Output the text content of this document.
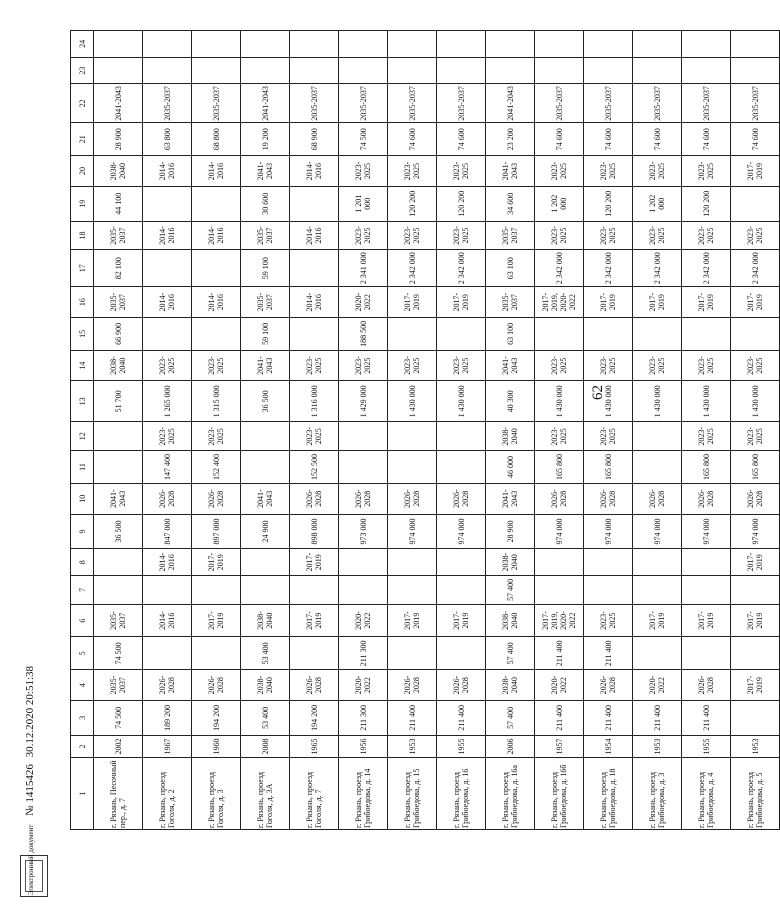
62
1	2	3	4	5	6	7	8	9	10	11	12	13	14	15	16	17	18	19	20	21	22	23	24
г. Рязань, Песочный пер., д. 7	2002	74 500	2035-2037	74 500	2035-2037			36 500	2041-2043			51 700	2038-2040	66 900	2035-2037	82 100	2035-2037	44 100	2038-2040	28 900	2041-2043		
г. Рязань, проезд Гоголя, д. 2	1967	189 200	2026-2028		2014-2016		2014-2016	847 000	2026-2028	147 400	2023-2025	1 265 000	2023-2025		2014-2016		2014-2016		2014-2016	63 800	2035-2037		
г. Рязань, проезд Гоголя, д. 3	1960	194 200	2026-2028		2017-2019		2017-2019	897 000	2026-2028	152 400	2023-2025	1 315 000	2023-2025		2014-2016		2014-2016		2014-2016	68 800	2035-2037		
г. Рязань, проезд Гоголя, д. 3А	2008	53 400	2038-2040	53 400	2038-2040			24 900	2041-2043			36 500	2041-2043	59 100	2035-2037	59 100	2035-2037	30 600	2041-2043	19 200	2041-2043		
г. Рязань, проезд Гоголя, д. 7	1965	194 200	2026-2028		2017-2019		2017-2019	898 000	2026-2028	152 500	2023-2025	1 316 000	2023-2025		2014-2016		2014-2016		2014-2016	68 900	2035-2037		
г. Рязань, проезд Грибоедова, д. 14	1956	211 300	2020-2022	211 300	2020-2022			973 000	2026-2028			1 429 000	2023-2025	188 500	2020-2022	2 341 000	2023-2025	1 201 000	2023-2025	74 500	2035-2037		
г. Рязань, проезд Грибоедова, д. 15	1953	211 400	2026-2028		2017-2019			974 000	2026-2028			1 430 000	2023-2025		2017-2019	2 342 000	2023-2025	120 200	2023-2025	74 600	2035-2037		
г. Рязань, проезд Грибоедова, д. 16	1955	211 400	2026-2028		2017-2019			974 000	2026-2028			1 430 000	2023-2025		2017-2019	2 342 000	2023-2025	120 200	2023-2025	74 600	2035-2037		
г. Рязань, проезд Грибоедова, д. 16а	2006	57 400	2038-2040	57 400	2038-2040	57 400	2038-2040	28 900	2041-2043	46 000	2038-2040	40 300	2041-2043	63 100	2035-2037	63 100	2035-2037	34 600	2041-2043	23 200	2041-2043		
г. Рязань, проезд Грибоедова, д. 16б	1957	211 400	2020-2022	211 400	2017-2019, 2020-2022			974 000	2026-2028	165 800	2023-2025	1 430 000	2023-2025		2017-2019, 2020-2022	2 342 000	2023-2025	1 202 000	2023-2025	74 600	2035-2037		
г. Рязань, проезд Грибоедова, д. 18	1954	211 400	2026-2028	211 400	2023-2025			974 000	2026-2028	165 800	2023-2025	1 430 000	2023-2025		2017-2019	2 342 000	2023-2025	120 200	2023-2025	74 600	2035-2037		
г. Рязань, проезд Грибоедова, д. 3	1953	211 400	2020-2022		2017-2019			974 000	2026-2028			1 430 000	2023-2025		2017-2019	2 342 000	2023-2025	1 202 000	2023-2025	74 600	2035-2037		
г. Рязань, проезд Грибоедова, д. 4	1955	211 400	2026-2028		2017-2019			974 000	2026-2028	165 800	2023-2025	1 430 000	2023-2025		2017-2019	2 342 000	2023-2025	120 200	2023-2025	74 600	2035-2037		
г. Рязань, проезд Грибоедова, д. 5	1953		2017-2019		2017-2019		2017-2019	974 000	2026-2028	165 800	2023-2025	1 430 000	2023-2025		2017-2019	2 342 000	2023-2025		2017-2019	74 600	2035-2037		
Электронный документ № 1415426 30.12.2020 20:51:38
